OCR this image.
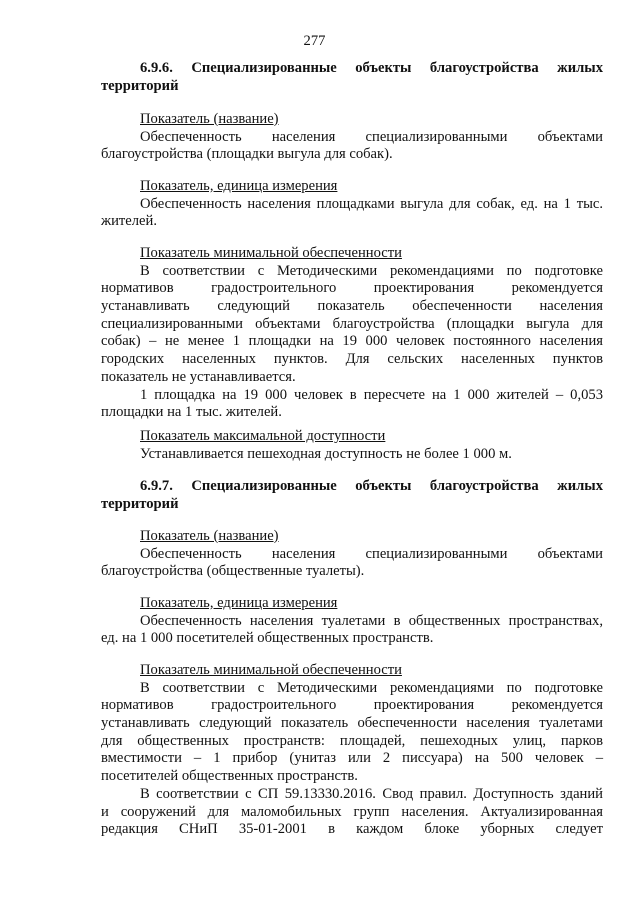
277
6.9.6. Специализированные объекты благоустройства жилых
территорий
Показатель (название)
Обеспеченность населения специализированными объектами
благоустройства (площадки выгула для собак).
Показатель, единица измерения
Обеспеченность населения площадками выгула для собак, ед. на 1 тыс.
жителей.
Показатель минимальной обеспеченности
В соответствии с Методическими рекомендациями по подготовке
нормативов градостроительного проектирования рекомендуется
устанавливать следующий показатель обеспеченности населения
специализированными объектами благоустройства (площадки выгула для
собак) – не менее 1 площадки на 19 000 человек постоянного населения
городских населенных пунктов. Для сельских населенных пунктов
показатель не устанавливается.
1 площадка на 19 000 человек в пересчете на 1 000 жителей – 0,053
площадки на 1 тыс. жителей.
Показатель максимальной доступности
Устанавливается пешеходная доступность не более 1 000 м.
6.9.7. Специализированные объекты благоустройства жилых
территорий
Показатель (название)
Обеспеченность населения специализированными объектами
благоустройства (общественные туалеты).
Показатель, единица измерения
Обеспеченность населения туалетами в общественных пространствах,
ед. на 1 000 посетителей общественных пространств.
Показатель минимальной обеспеченности
В соответствии с Методическими рекомендациями по подготовке
нормативов градостроительного проектирования рекомендуется
устанавливать следующий показатель обеспеченности населения туалетами
для общественных пространств: площадей, пешеходных улиц, парков
вместимости – 1 прибор (унитаз или 2 писсуара) на 500 человек –
посетителей общественных пространств.
В соответствии с СП 59.13330.2016. Свод правил. Доступность зданий
и сооружений для маломобильных групп населения. Актуализированная
редакция СНиП 35-01-2001 в каждом блоке уборных следует
